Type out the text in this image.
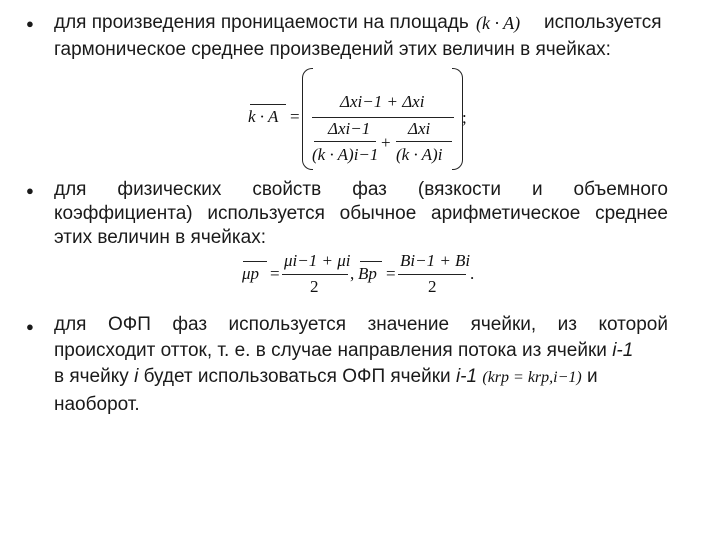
● для произведения проницаемости на площадь (k · A) используется
гармоническое среднее произведений этих величин в ячейках:
k · A =
Δxi−1 + Δxi
Δxi−1
(k · A)i−1
+
Δxi
(k · A)i
;
● для физических свойств фаз (вязкости и объемного
коэффициента) используется обычное арифметическое среднее
этих величин в ячейках:
μp =
μi−1 + μi
2
, Bp =
Bi−1 + Bi
2
.
● для ОФП фаз используется значение ячейки, из которой
происходит отток, т. е. в случае направления потока из ячейки i-1
в ячейку i будет использоваться ОФП ячейки i-1 (krp = krp,i−1) и
наоборот.
